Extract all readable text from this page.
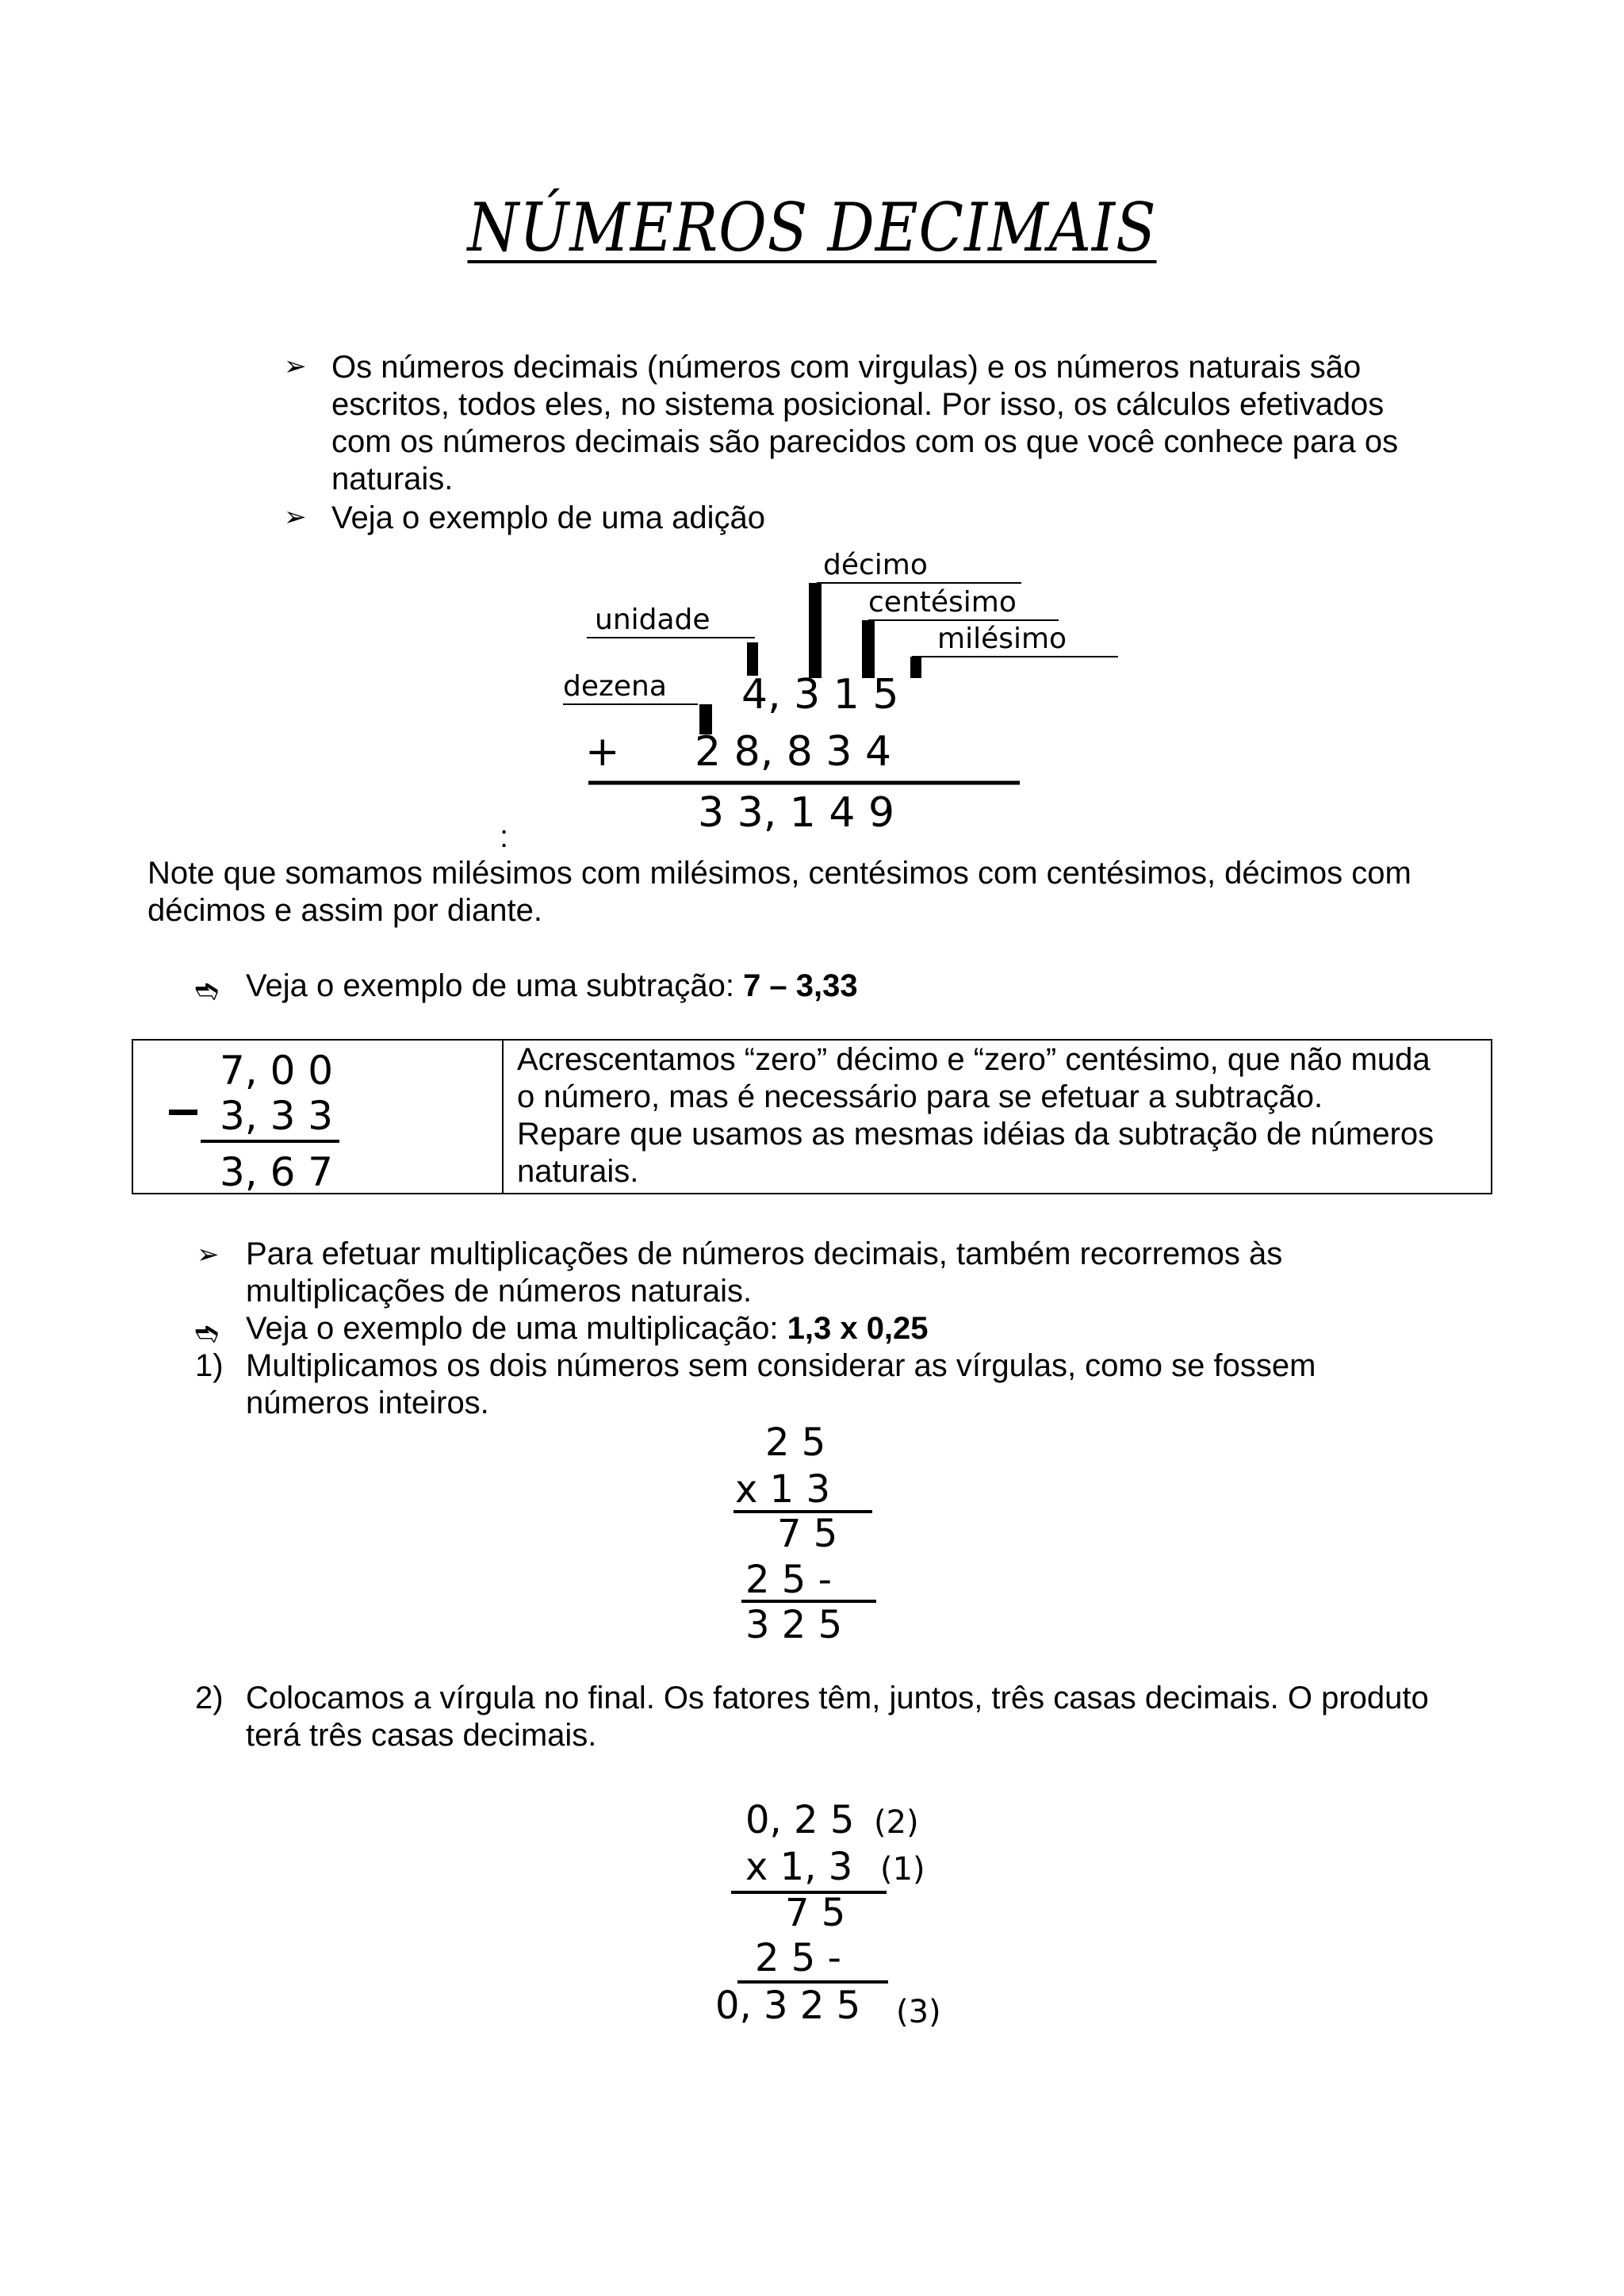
NÚMEROS DECIMAIS
➢ Os números decimais (números com virgulas) e os números naturais são
escritos, todos eles, no sistema posicional. Por isso, os cálculos efetivados
com os números decimais são parecidos com os que você conhece para os
naturais.
➢ Veja o exemplo de uma adição
décimo
centésimo
milésimo
unidade
dezena 4, 3 1 5
+ 2 8, 8 3 4
3 3, 1 4 9
:
Note que somamos milésimos com milésimos, centésimos com centésimos, décimos com
décimos e assim por diante.
➬ Veja o exemplo de uma subtração: 7 – 3,33
7, 0 0
3, 3 3
3, 6 7
Acrescentamos “zero” décimo e “zero” centésimo, que não muda
o número, mas é necessário para se efetuar a subtração.
Repare que usamos as mesmas idéias da subtração de números
naturais.
➢ Para efetuar multiplicações de números decimais, também recorremos às
multiplicações de números naturais.
➬ Veja o exemplo de uma multiplicação: 1,3 x 0,25
1) Multiplicamos os dois números sem considerar as vírgulas, como se fossem
números inteiros.
2 5
x 1 3
7 5
2 5 -
3 2 5
2) Colocamos a vírgula no final. Os fatores têm, juntos, três casas decimais. O produto
terá três casas decimais.
0, 2 5 (2)
x 1, 3 (1)
7 5
2 5 -
0, 3 2 5 (3)
